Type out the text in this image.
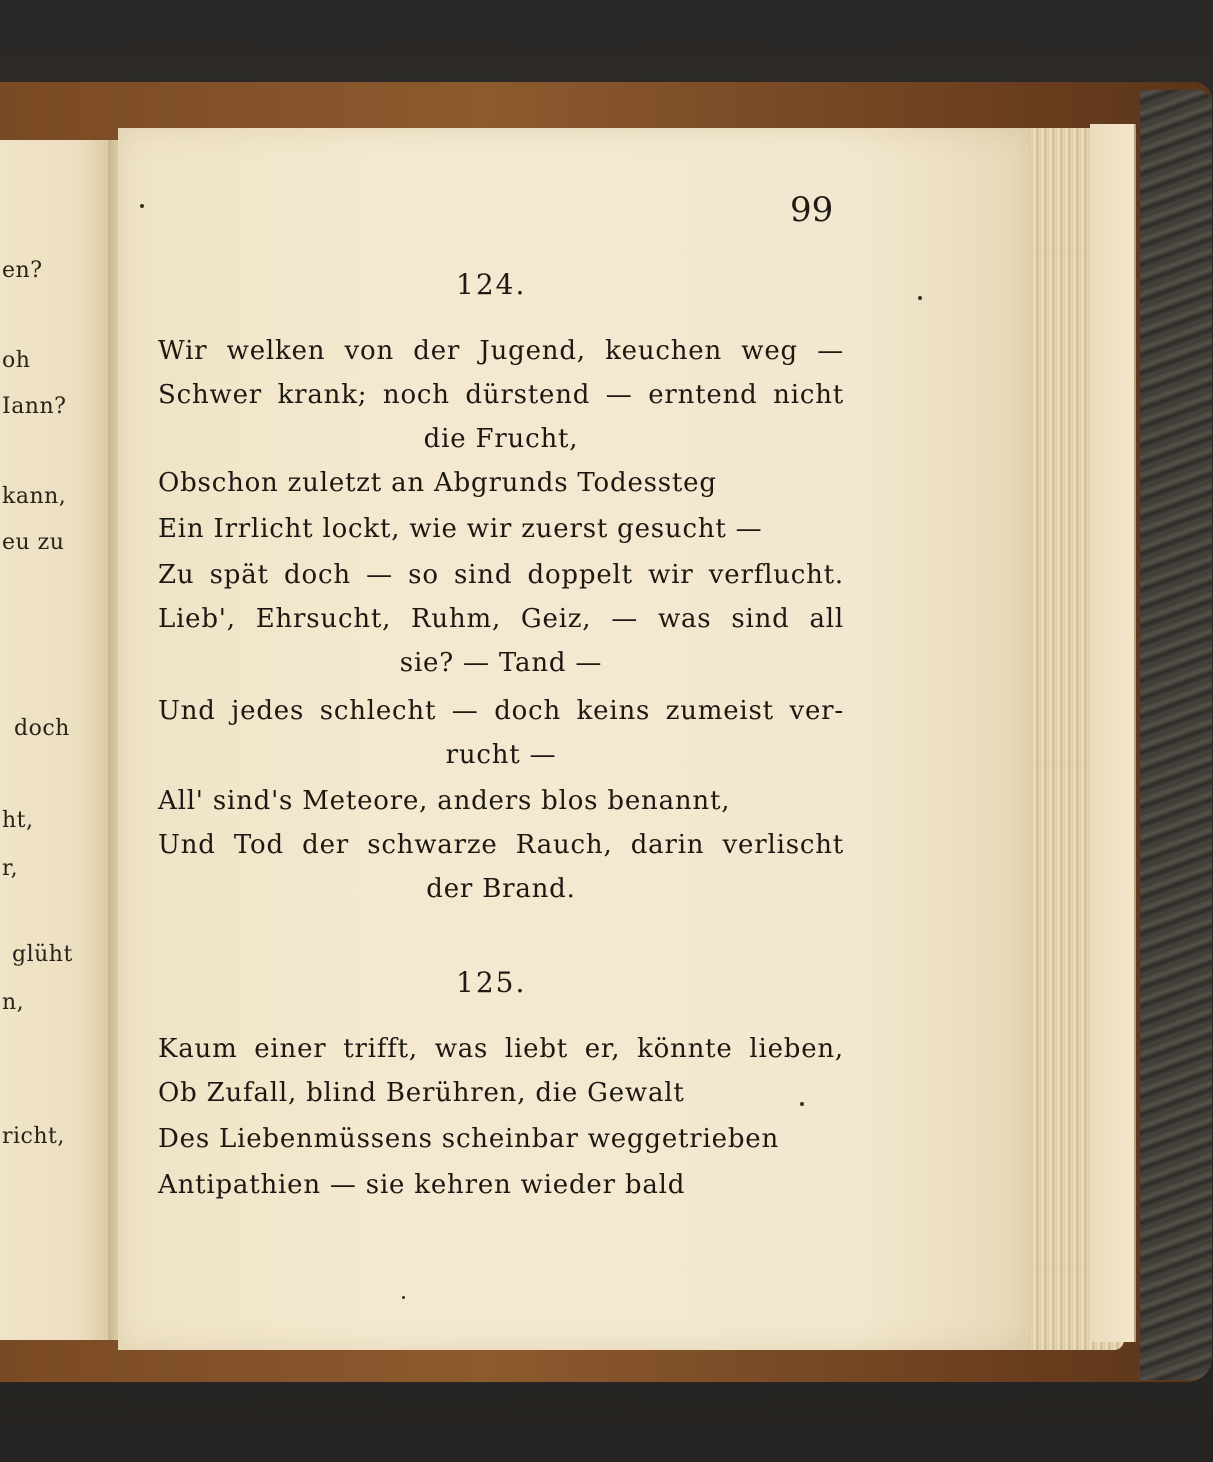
en?
oh
Iann?
kann,
eu zu
doch
ht,
r,
glüht
n,
richt,
99
124.
Wir welken von der Jugend, keuchen weg —
Schwer krank; noch dürstend — erntend nicht
die Frucht,
Obschon zuletzt an Abgrunds Todessteg
Ein Irrlicht lockt, wie wir zuerst gesucht —
Zu spät doch — so sind doppelt wir verflucht.
Lieb', Ehrsucht, Ruhm, Geiz, — was sind all
sie? — Tand —
Und jedes schlecht — doch keins zumeist ver-
rucht —
All' sind's Meteore, anders blos benannt,
Und Tod der schwarze Rauch, darin verlischt
der Brand.
125.
Kaum einer trifft, was liebt er, könnte lieben,
Ob Zufall, blind Berühren, die Gewalt
Des Liebenmüssens scheinbar weggetrieben
Antipathien — sie kehren wieder bald
